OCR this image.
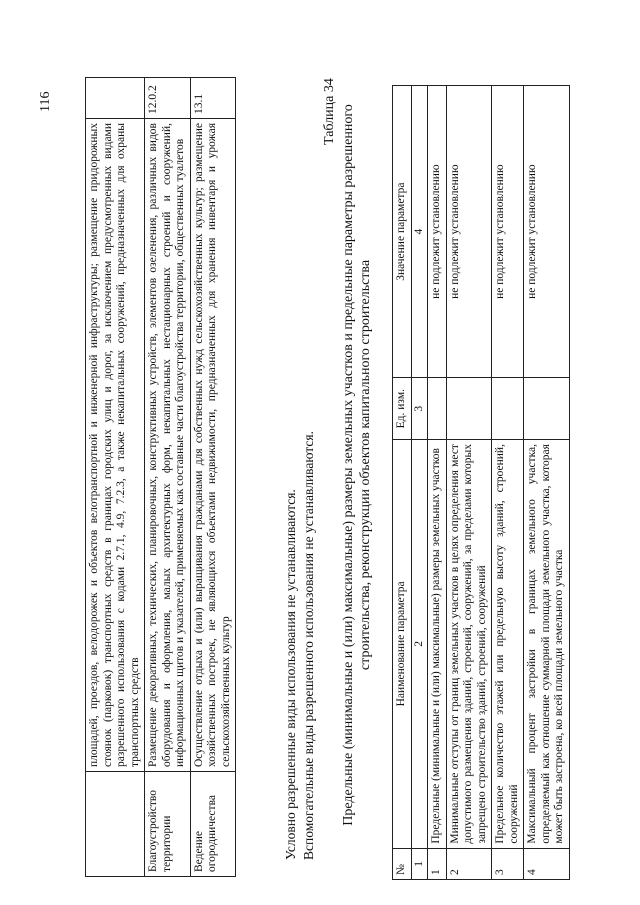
116
	площадей, проездов, велодорожек и объектов велотранспортной и инженерной инфраструктуры; размещение придорожных стоянок (парковок) транспортных средств в границах городских улиц и дорог, за исключением предусмотренных видами разрешенного использования с кодами 2.7.1, 4.9, 7.2.3, а также некапитальных сооружений, предназначенных для охраны транспортных средств	
Благоустройство территории	Размещение декоративных, технических, планировочных, конструктивных устройств, элементов озеленения, различных видов оборудования и оформления, малых архитектурных форм, некапитальных нестационарных строений и сооружений, информационных щитов и указателей, применяемых как составные части благоустройства территории, общественных туалетов	12.0.2
Ведение огородничества	Осуществление отдыха и (или) выращивания гражданами для собственных нужд сельскохозяйственных культур; размещение хозяйственных построек, не являющихся объектами недвижимости, предназначенных для хранения инвентаря и урожая сельскохозяйственных культур	13.1
Условно разрешенные виды использования не устанавливаются. Вспомогательные виды разрешенного использования не устанавливаются.
Таблица 34 Предельные (минимальные и (или) максимальные) размеры земельных участков и предельные параметры разрешенного строительства, реконструкции объектов капитального строительства
№	Наименование параметра	Ед. изм.	Значение параметра
1	2	3	4
1	Предельные (минимальные и (или) максимальные) размеры земельных участков		не подлежит установлению
2	Минимальные отступы от границ земельных участков в целях определения мест допустимого размещения зданий, строений, сооружений, за пределами которых запрещено строительство зданий, строений, сооружений		не подлежит установлению
3	Предельное количество этажей или предельную высоту зданий, строений, сооружений		не подлежит установлению
4	Максимальный процент застройки в границах земельного участка, определяемый как отношение суммарной площади земельного участка, которая может быть застроена, ко всей площади земельного участка		не подлежит установлению
